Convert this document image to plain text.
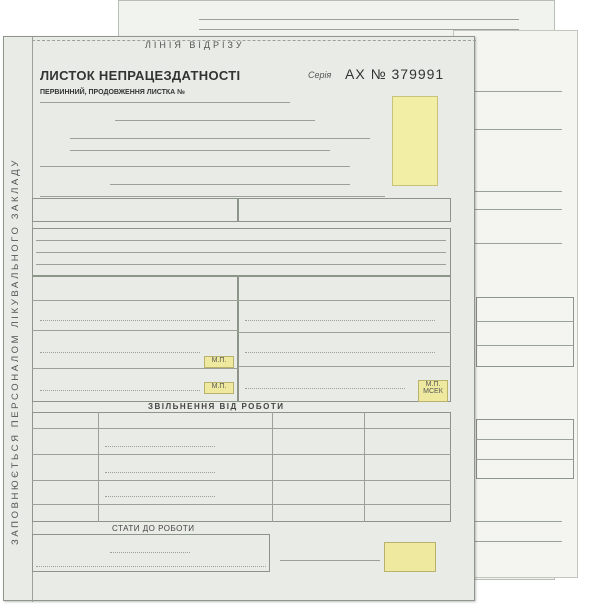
ЗАПОВНЮЄТЬСЯ ПЕРСОНАЛОМ ЛІКУВАЛЬНОГО ЗАКЛАДУ
ЛІНІЯ ВІДРІЗУ
ЛИСТОК НЕПРАЦЕЗДАТНОСТІ
ПЕРВИННИЙ, ПРОДОВЖЕННЯ ЛИСТКА №
Серія АХ № 379991
М.П.
М.П.	М.П. МСЕК
ЗВІЛЬНЕННЯ ВІД РОБОТИ
СТАТИ ДО РОБОТИ
